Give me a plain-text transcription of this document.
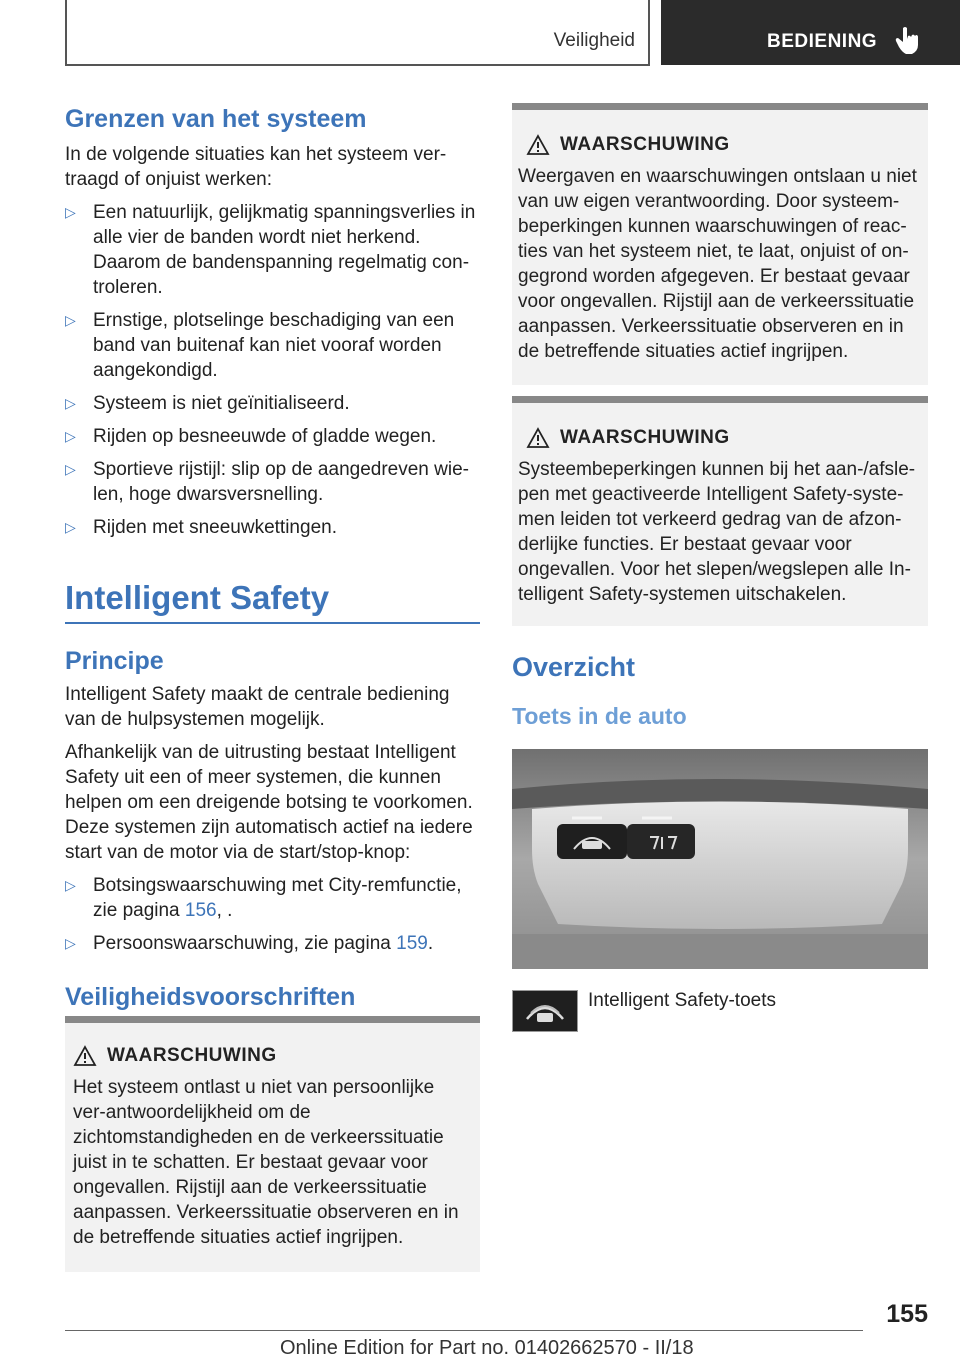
Veiligheid	BEDIENING
Grenzen van het systeem

In de volgende situaties kan het systeem ver-traagd of onjuist werken:

▷ Een natuurlijk, gelijkmatig spanningsverlies in alle vier de banden wordt niet herkend. Daarom de bandenspanning regelmatig con-troleren.
▷ Ernstige, plotselinge beschadiging van een band van buitenaf kan niet vooraf worden aangekondigd.
▷ Systeem is niet geïnitialiseerd.
▷ Rijden op besneeuwde of gladde wegen.
▷ Sportieve rijstijl: slip op de aangedreven wie-len, hoge dwarsversnelling.
▷ Rijden met sneeuwkettingen.
Intelligent Safety
Principe

Intelligent Safety maakt de centrale bediening van de hulpsystemen mogelijk.

Afhankelijk van de uitrusting bestaat Intelligent Safety uit een of meer systemen, die kunnen helpen om een dreigende botsing te voorkomen. Deze systemen zijn automatisch actief na iedere start van de motor via de start/stop-knop:

▷ Botsingswaarschuwing met City-remfunctie, zie pagina 156, .
▷ Persoonswaarschuwing, zie pagina 159.
Veiligheidsvoorschriften
WAARSCHUWING

Het systeem ontlast u niet van persoonlijke ver-antwoordelijkheid om de zichtomstandigheden en de verkeerssituatie juist in te schatten. Er bestaat gevaar voor ongevallen. Rijstijl aan de verkeerssituatie aanpassen. Verkeerssituatie observeren en in de betreffende situaties actief ingrijpen.

WAARSCHUWING

Weergaven en waarschuwingen ontslaan u niet van uw eigen verantwoording. Door systeem-beperkingen kunnen waarschuwingen of reac-ties van het systeem niet, te laat, onjuist of on-gegrond worden afgegeven. Er bestaat gevaar voor ongevallen. Rijstijl aan de verkeerssituatie aanpassen. Verkeerssituatie observeren en in de betreffende situaties actief ingrijpen.

WAARSCHUWING

Systeembeperkingen kunnen bij het aan-/afsle-pen met geactiveerde Intelligent Safety-syste-men leiden tot verkeerd gedrag van de afzon-derlijke functies. Er bestaat gevaar voor ongevallen. Voor het slepen/wegslepen alle In-telligent Safety-systemen uitschakelen.

Overzicht
Toets in de auto
Intelligent Safety-toets
155
Online Edition for Part no. 01402662570 - II/18
